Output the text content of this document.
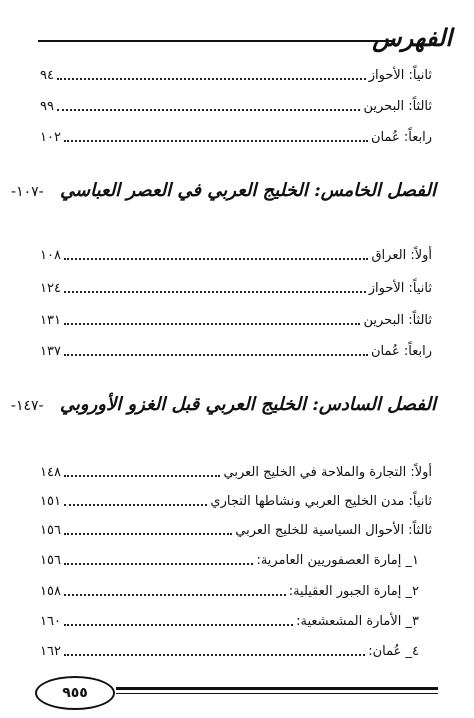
الفهرس
ثانياً: الأحواز
٩٤
ثالثاً: البحرين
٩٩
رابعاً: عُمان
١٠٢
الفصل الخامس: الخليج العربي في العصر العباسي -١٠٧-
أولاً: العراق
١٠٨
ثانياً: الأحواز
١٢٤
ثالثاً: البحرين
١٣١
رابعاً: عُمان
١٣٧
الفصل السادس: الخليج العربي قبل الغزو الأوروبي -١٤٧-
أولاً: التجارة والملاحة في الخليج العربي
١٤٨
ثانياً: مدن الخليج العربي ونشاطها التجاري
١٥١
ثالثاً: الأحوال السياسية للخليج العربي
١٥٦
١_ إمارة العصفوريين العامرية:
١٥٦
٢_ إمارة الجبور العقيلية:
١٥٨
٣_ الأمارة المشعشعية:
١٦٠
٤_ عُمان:
١٦٢
٩٥٥
